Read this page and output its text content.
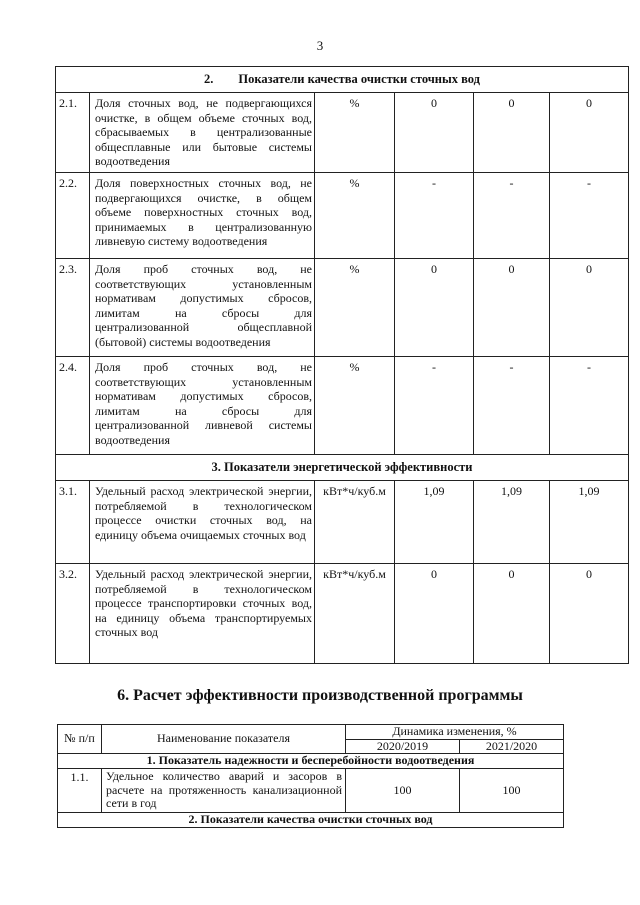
3
2.        Показатели качества очистки сточных вод					
2.1.	Доля сточных вод, не подвергающихся очистке, в общем объеме сточных вод, сбрасываемых в централизованные общесплавные или бытовые системы водоотведения	%	0	0	0
2.2.	Доля поверхностных сточных вод, не подвергающихся очистке, в общем объеме поверхностных сточных вод, принимаемых в централизованную ливневую систему водоотведения	%	-	-	-
2.3.	Доля проб сточных вод, не соответствующих установленным нормативам допустимых сбросов, лимитам на сбросы для централизованной общесплавной (бытовой) системы водоотведения	%	0	0	0
2.4.	Доля проб сточных вод, не соответствующих установленным нормативам допустимых сбросов, лимитам на сбросы для централизованной ливневой системы водоотведения	%	-	-	-
3. Показатели энергетической эффективности					
3.1.	Удельный расход электрической энергии, потребляемой в технологическом процессе очистки сточных вод, на единицу объема очищаемых сточных вод	кВт*ч/куб.м	1,09	1,09	1,09
3.2.	Удельный расход электрической энергии, потребляемой в технологическом процессе транспортировки сточных вод, на единицу объема транспортируемых сточных вод	кВт*ч/куб.м	0	0	0
6. Расчет эффективности производственной программы
№ п/п	Наименование показателя	Динамика изменения, %	
		2020/2019	2021/2020
1. Показатель надежности и бесперебойности водоотведения			
1.1.	Удельное количество аварий и засоров в расчете на протяженность канализационной сети в год	100	100
2. Показатели качества очистки сточных вод			
